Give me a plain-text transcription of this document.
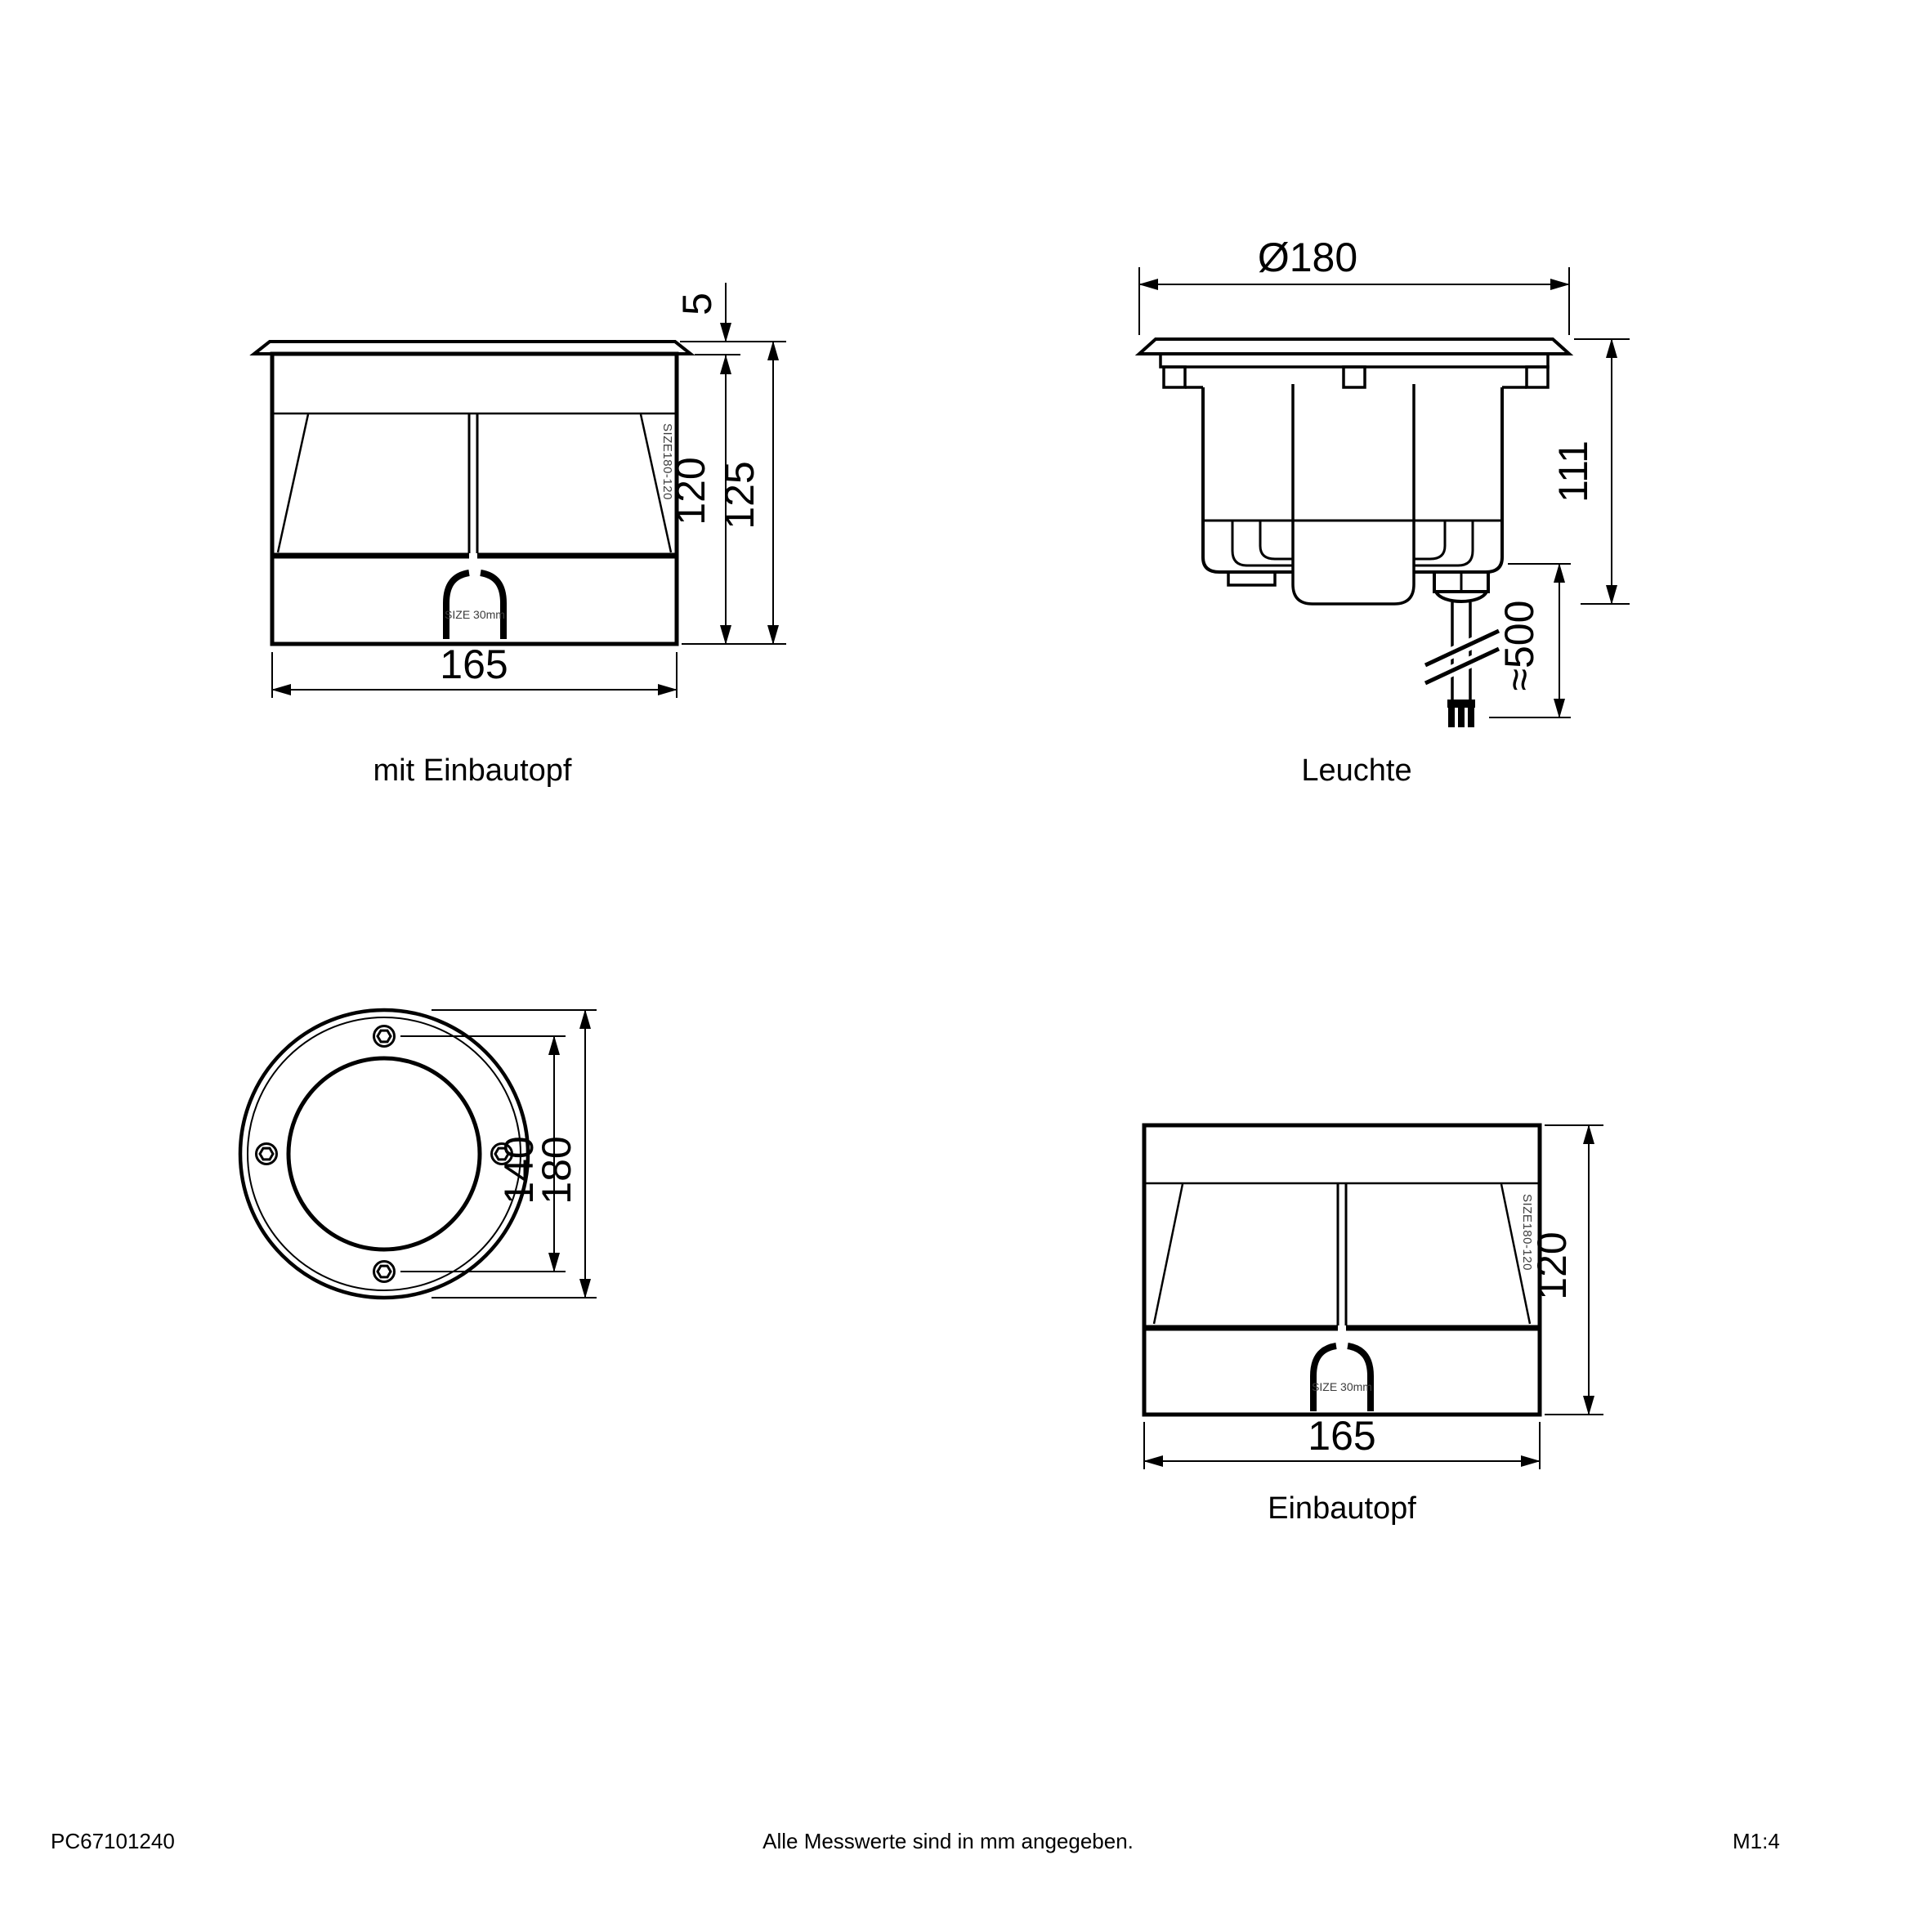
SIZE 30mm
SIZE180-120
5
120 125
165
mit Einbautopf
Ø180
111
≈500
Leuchte
140
180
SIZE 30mm
SIZE180-120
120
165
Einbautopf
PC67101240	Alle Messwerte sind in mm angegeben.	M1:4
